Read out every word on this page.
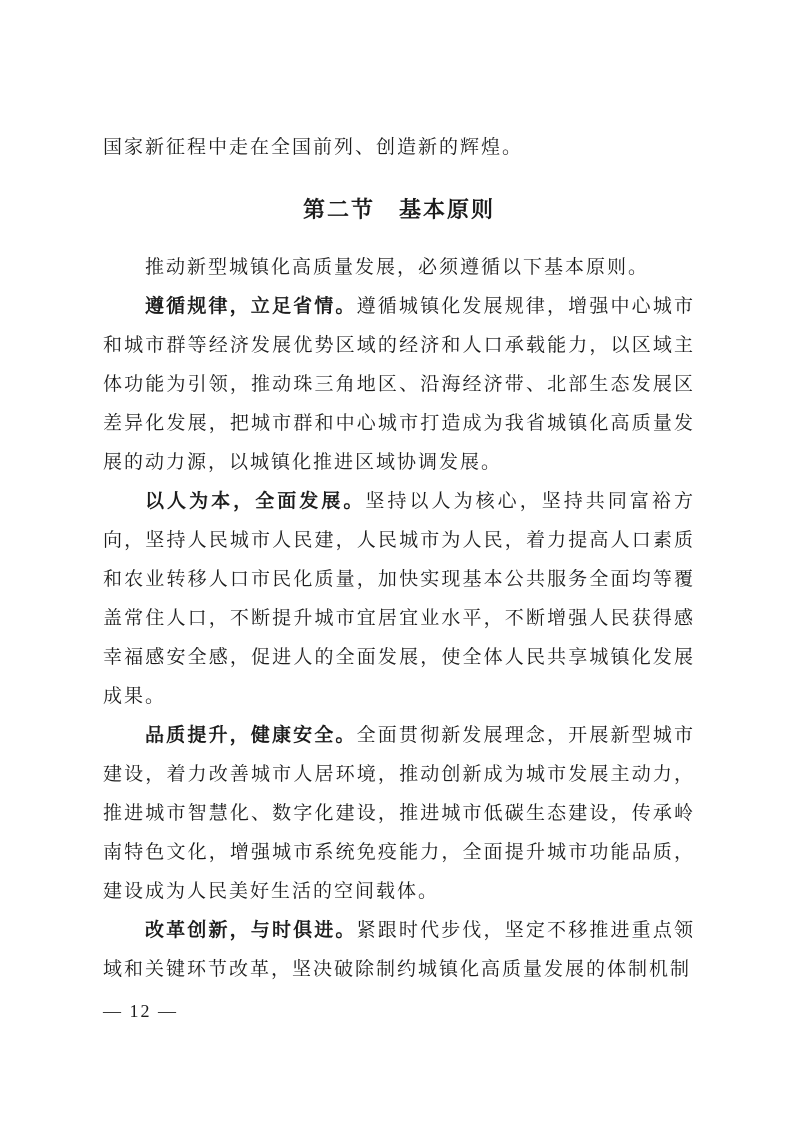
国家新征程中走在全国前列、创造新的辉煌。

第二节　基本原则

推动新型城镇化高质量发展，必须遵循以下基本原则。

遵循规律，立足省情。遵循城镇化发展规律，增强中心城市和城市群等经济发展优势区域的经济和人口承载能力，以区域主体功能为引领，推动珠三角地区、沿海经济带、北部生态发展区差异化发展，把城市群和中心城市打造成为我省城镇化高质量发展的动力源，以城镇化推进区域协调发展。

以人为本，全面发展。坚持以人为核心，坚持共同富裕方向，坚持人民城市人民建，人民城市为人民，着力提高人口素质和农业转移人口市民化质量，加快实现基本公共服务全面均等覆盖常住人口，不断提升城市宜居宜业水平，不断增强人民获得感幸福感安全感，促进人的全面发展，使全体人民共享城镇化发展成果。

品质提升，健康安全。全面贯彻新发展理念，开展新型城市建设，着力改善城市人居环境，推动创新成为城市发展主动力，推进城市智慧化、数字化建设，推进城市低碳生态建设，传承岭南特色文化，增强城市系统免疫能力，全面提升城市功能品质，建设成为人民美好生活的空间载体。

改革创新，与时俱进。紧跟时代步伐，坚定不移推进重点领域和关键环节改革，坚决破除制约城镇化高质量发展的体制机制

— 12 —
